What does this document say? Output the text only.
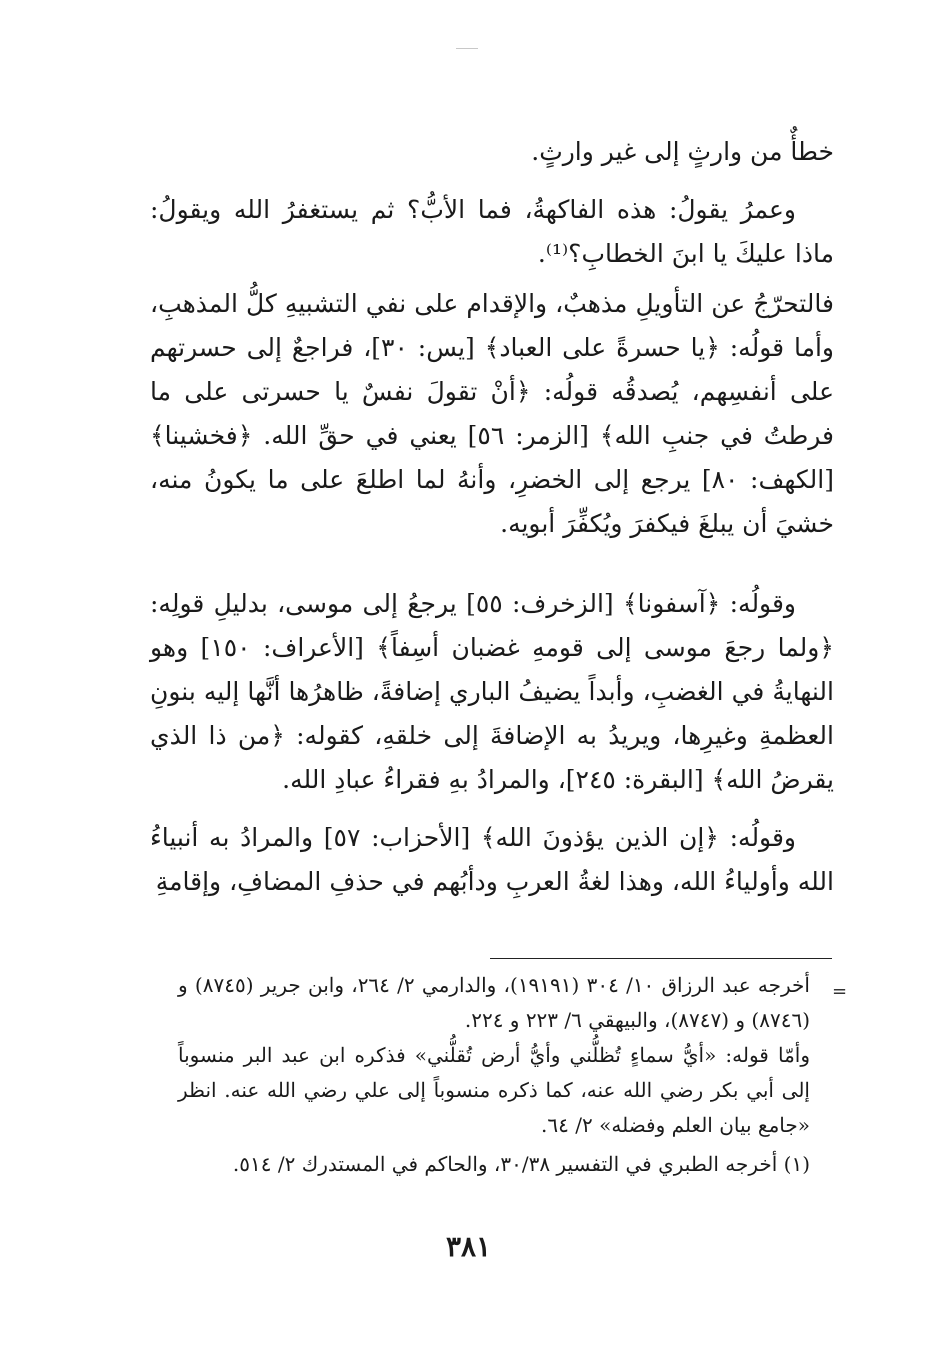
خطأٌ من وارثٍ إلى غير وارثٍ.

وعمرُ يقولُ: هذه الفاكهةُ، فما الأبُّ؟ ثم يستغفرُ الله ويقولُ: ماذا عليكَ يا ابنَ الخطابِ؟⁽¹⁾.

فالتحرّجُ عن التأويلِ مذهبٌ، والإقدام على نفي التشبيهِ كلُّ المذهبِ، وأما قولُه: ﴿يا حسرةً على العباد﴾ [يس: ٣٠]، فراجعٌ إلى حسرتهم على أنفسِهم، يُصدقُه قولُه: ﴿أنْ تقولَ نفسٌ يا حسرتى على ما فرطتُ في جنبِ الله﴾ [الزمر: ٥٦] يعني في حقِّ الله. ﴿فخشينا﴾ [الكهف: ٨٠] يرجع إلى الخضرِ، وأنهُ لما اطلعَ على ما يكونُ منه، خشيَ أن يبلغَ فيكفرَ ويُكفِّرَ أبويه.

وقولُه: ﴿آسفونا﴾ [الزخرف: ٥٥] يرجعُ إلى موسى، بدليلِ قولِه: ﴿ولما رجعَ موسى إلى قومهِ غضبان أسِفاً﴾ [الأعراف: ١٥٠] وهو النهايةُ في الغضبِ، وأبداً يضيفُ الباري إضافةً، ظاهرُها أنَّها إليه بنونِ العظمةِ وغيرِها، ويريدُ به الإضافةَ إلى خلقهِ، كقوله: ﴿من ذا الذي يقرضُ الله﴾ [البقرة: ٢٤٥]، والمرادُ بهِ فقراءُ عبادِ الله.

وقولُه: ﴿إن الذين يؤذونَ الله﴾ [الأحزاب: ٥٧] والمرادُ به أنبياءُ الله وأولياءُ الله، وهذا لغةُ العربِ ودأبُهم في حذفِ المضافِ، وإقامةِ

=

أخرجه عبد الرزاق ١٠/ ٣٠٤ (١٩١٩١)، والدارمي ٢/ ٢٦٤، وابن جرير (٨٧٤٥) و (٨٧٤٦) و (٨٧٤٧)، والبيهقي ٦/ ٢٢٣ و ٢٢٤.

وأمّا قوله: «أيُّ سماءٍ تُظلُّني وأيُّ أرض تُقلُّني» فذكره ابن عبد البر منسوباً إلى أبي بكر رضي الله عنه، كما ذكره منسوباً إلى علي رضي الله عنه. انظر «جامع بيان العلم وفضله» ٢/ ٦٤.

(١) أخرجه الطبري في التفسير ٣٠/٣٨، والحاكم في المستدرك ٢/ ٥١٤.

٣٨١
